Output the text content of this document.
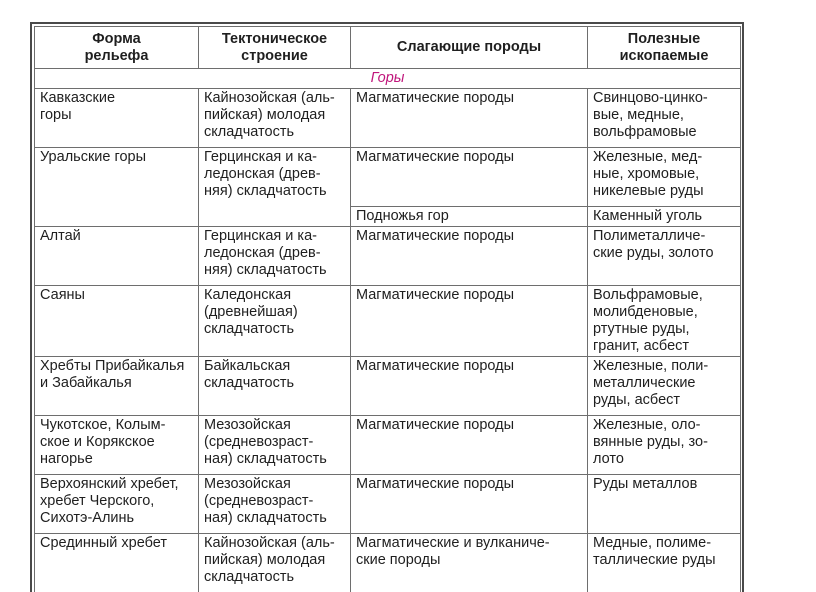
Форма
рельефа	Тектоническое
строение	Слагающие породы	Полезные
ископаемые
Горы			
Кавказские
горы	Кайнозойская (аль-
пийская) молодая
складчатость	Магматические породы	Свинцово-цинко-
вые, медные,
вольфрамовые
Уральские горы	Герцинская и ка-
ледонская (древ-
няя) складчатость	Магматические породы	Железные, мед-
ные, хромовые,
никелевые руды
		Подножья гор	Каменный уголь
Алтай	Герцинская и ка-
ледонская (древ-
няя) складчатость	Магматические породы	Полиметалличе-
ские руды, золото
Саяны	Каледонская
(древнейшая)
складчатость	Магматические породы	Вольфрамовые,
молибденовые,
ртутные руды,
гранит, асбест
Хребты Прибайкалья
и Забайкалья	Байкальская
складчатость	Магматические породы	Железные, поли-
металлические
руды, асбест
Чукотское, Колым-
ское и Корякское
нагорье	Мезозойская
(средневозраст-
ная) складчатость	Магматические породы	Железные, оло-
вянные руды, зо-
лото
Верхоянский хребет,
хребет Черского,
Сихотэ-Алинь	Мезозойская
(средневозраст-
ная) складчатость	Магматические породы	Руды металлов
Срединный хребет	Кайнозойская (аль-
пийская) молодая
складчатость	Магматические и вулканиче-
ские породы	Медные, полиме-
таллические руды
